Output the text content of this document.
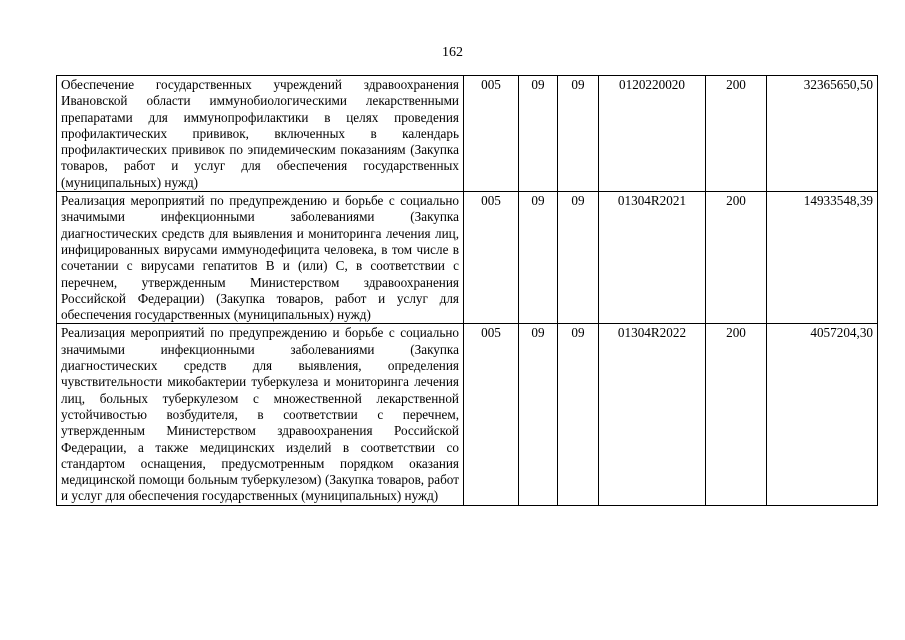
162
Обеспечение государственных учреждений здравоохранения Ивановской области иммунобиологическими лекарственными препаратами для иммунопрофилактики в целях проведения профилактических прививок, включенных в календарь профилактических прививок по эпидемическим показаниям (Закупка товаров, работ и услуг для обеспечения государственных (муниципальных) нужд)	005	09	09	0120220020	200	32365650,50
Реализация мероприятий по предупреждению и борьбе с социально значимыми инфекционными заболеваниями (Закупка диагностических средств для выявления и мониторинга лечения лиц, инфицированных вирусами иммунодефицита человека, в том числе в сочетании с вирусами гепатитов B и (или) C, в соответствии с перечнем, утвержденным Министерством здравоохранения Российской Федерации) (Закупка товаров, работ и услуг для обеспечения государственных (муниципальных) нужд)	005	09	09	01304R2021	200	14933548,39
Реализация мероприятий по предупреждению и борьбе с социально значимыми инфекционными заболеваниями (Закупка диагностических средств для выявления, определения чувствительности микобактерии туберкулеза и мониторинга лечения лиц, больных туберкулезом с множественной лекарственной устойчивостью возбудителя, в соответствии с перечнем, утвержденным Министерством здравоохранения Российской Федерации, а также медицинских изделий в соответствии со стандартом оснащения, предусмотренным порядком оказания медицинской помощи больным туберкулезом) (Закупка товаров, работ и услуг для обеспечения государственных (муниципальных) нужд)	005	09	09	01304R2022	200	4057204,30
